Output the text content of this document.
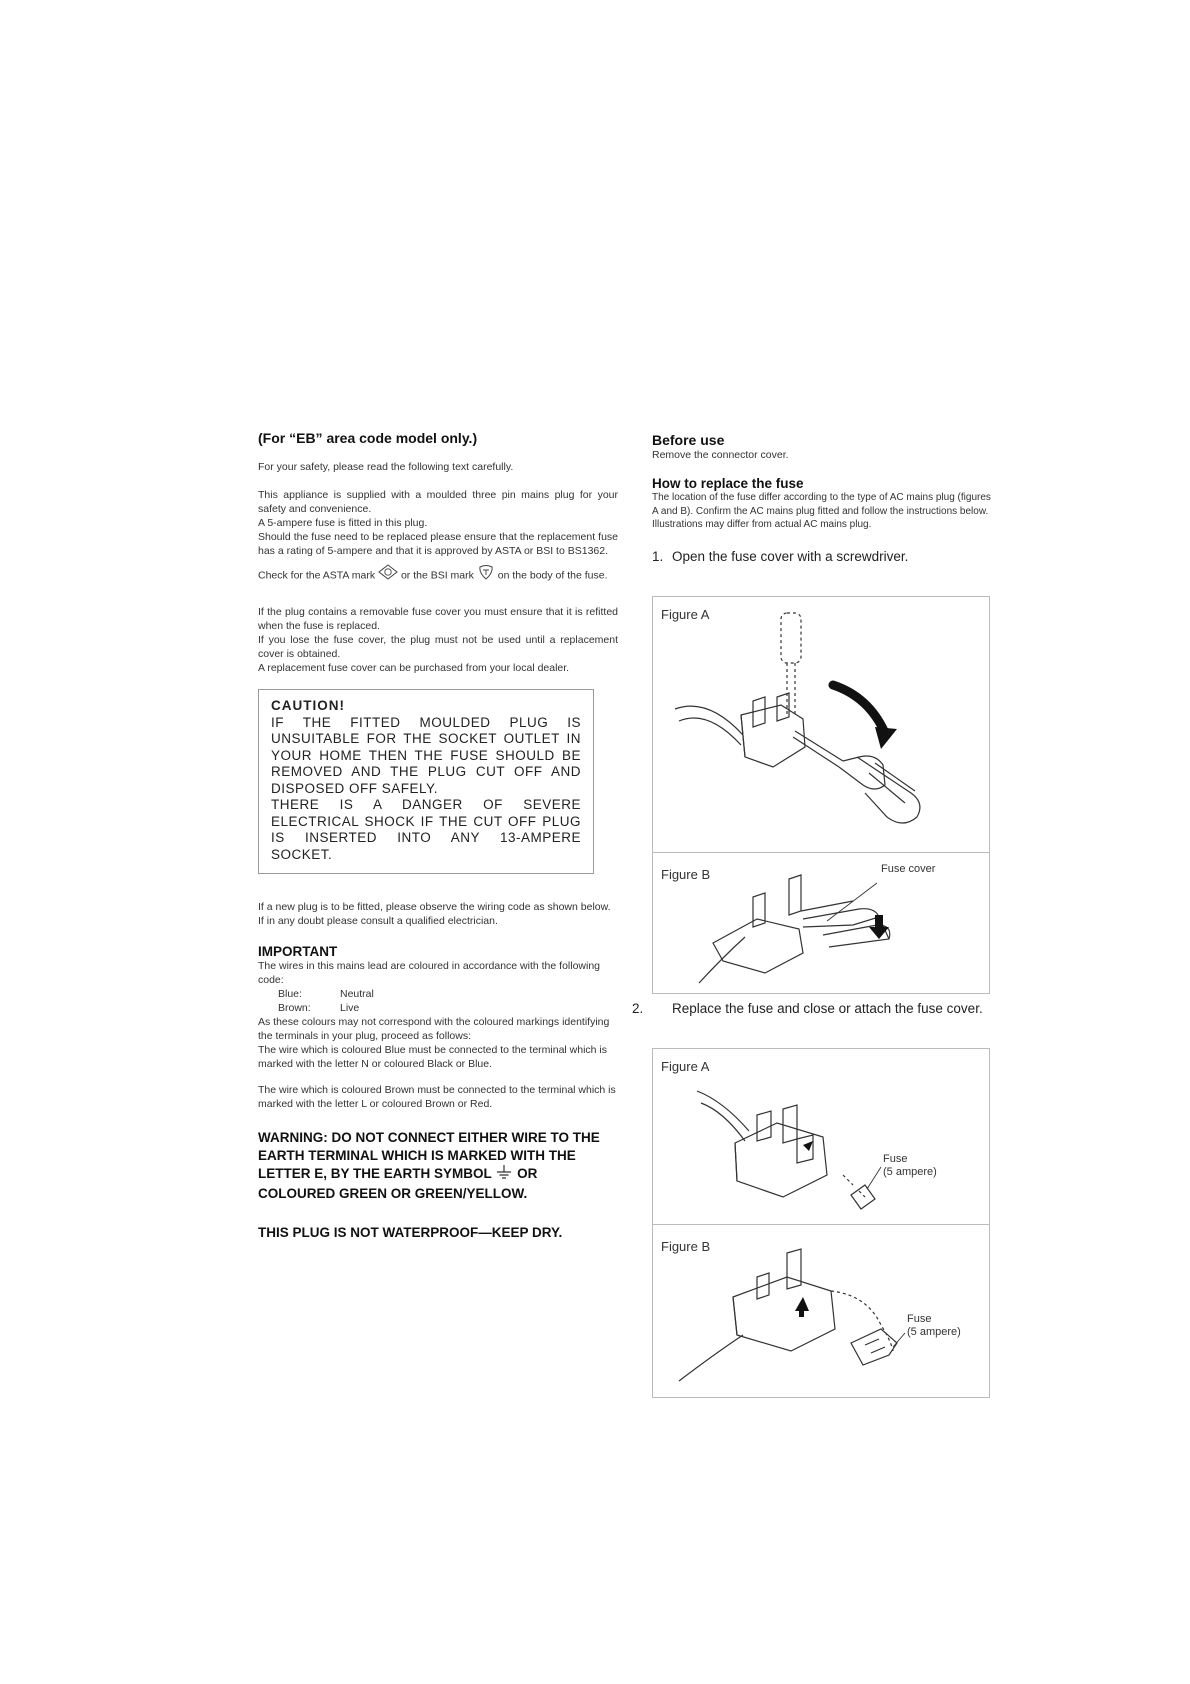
(For “EB” area code model only.)

For your safety, please read the following text carefully.

This appliance is supplied with a moulded three pin mains plug for your safety and convenience.

A 5-ampere fuse is fitted in this plug.

Should the fuse need to be replaced please ensure that the replacement fuse has a rating of 5-ampere and that it is approved by ASTA or BSI to BS1362.

Check for the ASTA mark or the BSI mark on the body of the fuse.

If the plug contains a removable fuse cover you must ensure that it is refitted when the fuse is replaced.

If you lose the fuse cover, the plug must not be used until a replacement cover is obtained.

A replacement fuse cover can be purchased from your local dealer.

CAUTION!
IF THE FITTED MOULDED PLUG IS UNSUITABLE FOR THE SOCKET OUTLET IN YOUR HOME THEN THE FUSE SHOULD BE REMOVED AND THE PLUG CUT OFF AND DISPOSED OFF SAFELY.
THERE IS A DANGER OF SEVERE ELECTRICAL SHOCK IF THE CUT OFF PLUG IS INSERTED INTO ANY 13-AMPERE SOCKET.

If a new plug is to be fitted, please observe the wiring code as shown below.

If in any doubt please consult a qualified electrician.

IMPORTANT

The wires in this mains lead are coloured in accordance with the following code:

Blue:	Neutral
Brown:	Live

As these colours may not correspond with the coloured markings identifying the terminals in your plug, proceed as follows:

The wire which is coloured Blue must be connected to the terminal which is marked with the letter N or coloured Black or Blue.

The wire which is coloured Brown must be connected to the terminal which is marked with the letter L or coloured Brown or Red.

WARNING: DO NOT CONNECT EITHER WIRE TO THE EARTH TERMINAL WHICH IS MARKED WITH THE LETTER E, BY THE EARTH SYMBOL OR COLOURED GREEN OR GREEN/YELLOW.

THIS PLUG IS NOT WATERPROOF—KEEP DRY.

Before use

Remove the connector cover.

How to replace the fuse

The location of the fuse differ according to the type of AC mains plug (figures A and B). Confirm the AC mains plug fitted and follow the instructions below.

Illustrations may differ from actual AC mains plug.

1. Open the fuse cover with a screwdriver.

Figure A
Figure B	Fuse cover

2. Replace the fuse and close or attach the fuse cover.

Figure A
Fuse
(5 ampere)
Figure B
Fuse
(5 ampere)
